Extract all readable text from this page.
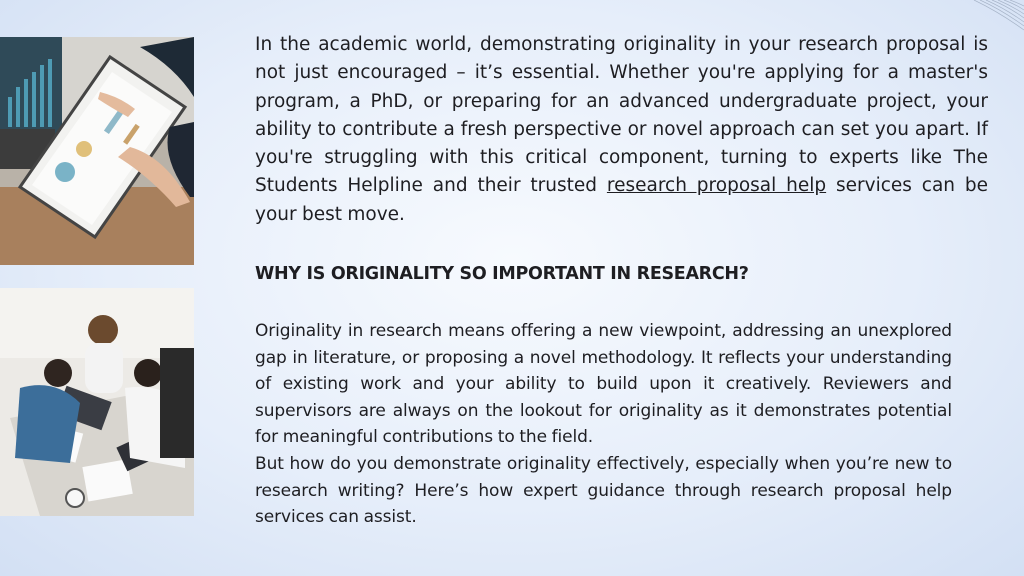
In the academic world, demonstrating originality in your research proposal is not just encouraged – it’s essential. Whether you're applying for a master's program, a PhD, or preparing for an advanced undergraduate project, your ability to contribute a fresh perspective or novel approach can set you apart. If you're struggling with this critical component, turning to experts like The Students Helpline and their trusted research proposal help services can be your best move.

WHY IS ORIGINALITY SO IMPORTANT IN RESEARCH?

Originality in research means offering a new viewpoint, addressing an unexplored gap in literature, or proposing a novel methodology. It reflects your understanding of existing work and your ability to build upon it creatively. Reviewers and supervisors are always on the lookout for originality as it demonstrates potential for meaningful contributions to the field.

But how do you demonstrate originality effectively, especially when you’re new to research writing? Here’s how expert guidance through research proposal help services can assist.
